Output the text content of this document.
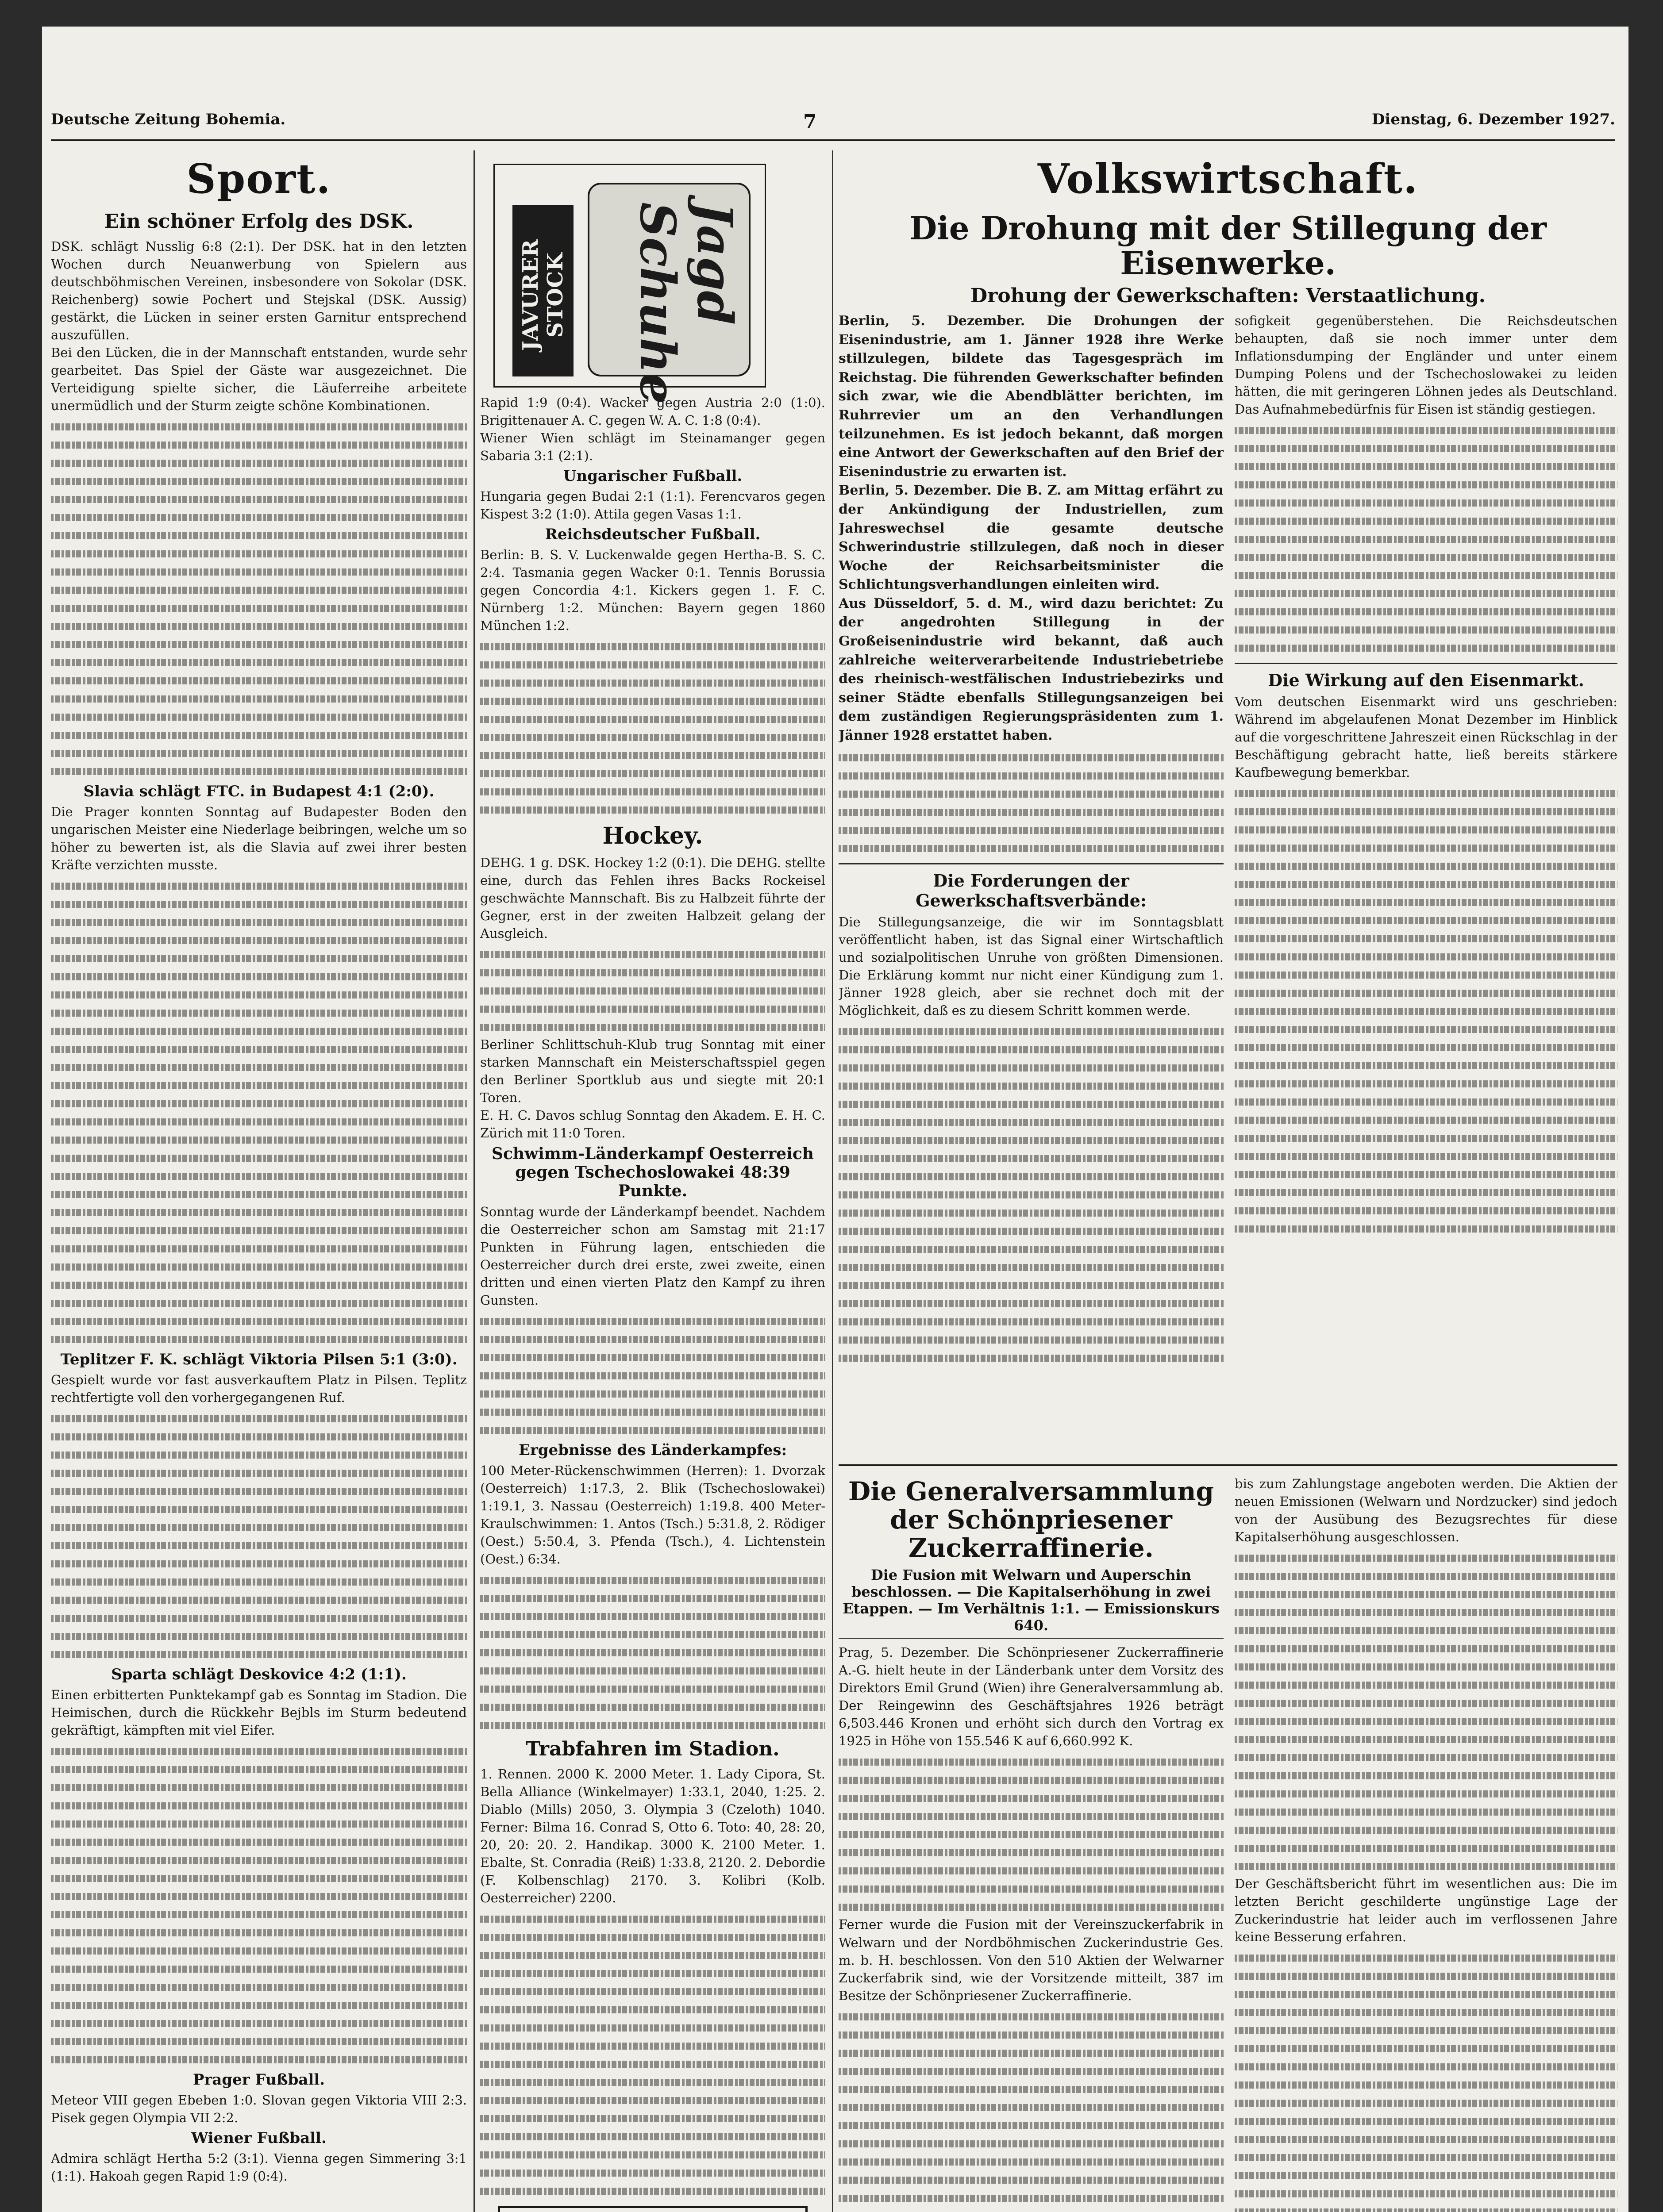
Deutsche Zeitung Bohemia.	7	Dienstag, 6. Dezember 1927.
Sport.
Ein schöner Erfolg des DSK.
DSK. schlägt Nusslig 6:8 (2:1). Der DSK. hat in den letzten Wochen durch Neuanwerbung von Spielern aus deutschböhmischen Vereinen, insbesondere von Sokolar (DSK. Reichenberg) sowie Pochert und Stejskal (DSK. Aussig) gestärkt, die Lücken in seiner ersten Garnitur entsprechend auszufüllen.
Bei den Lücken, die in der Mannschaft entstanden, wurde sehr gearbeitet. Das Spiel der Gäste war ausgezeichnet. Die Verteidigung spielte sicher, die Läuferreihe arbeitete unermüdlich und der Sturm zeigte schöne Kombinationen.

Slavia schlägt FTC. in Budapest 4:1 (2:0).
Die Prager konnten Sonntag auf Budapester Boden den ungarischen Meister eine Niederlage beibringen, welche um so höher zu bewerten ist, als die Slavia auf zwei ihrer besten Kräfte verzichten musste.

Teplitzer F. K. schlägt Viktoria Pilsen 5:1 (3:0).
Gespielt wurde vor fast ausverkauftem Platz in Pilsen. Teplitz rechtfertigte voll den vorhergegangenen Ruf.

Sparta schlägt Deskovice 4:2 (1:1).
Einen erbitterten Punktekampf gab es Sonntag im Stadion. Die Heimischen, durch die Rückkehr Bejbls im Sturm bedeutend gekräftigt, kämpften mit viel Eifer.

Prager Fußball.
Meteor VIII gegen Ebeben 1:0. Slovan gegen Viktoria VIII 2:3. Pisek gegen Olympia VII 2:2.
Wiener Fußball.
Admira schlägt Hertha 5:2 (3:1). Vienna gegen Simmering 3:1 (1:1). Hakoah gegen Rapid 1:9 (0:4).
JAVURER STOCK	Jagd Schuhe
Rapid 1:9 (0:4). Wacker gegen Austria 2:0 (1:0). Brigittenauer A. C. gegen W. A. C. 1:8 (0:4).
Wiener Wien schlägt im Steinamanger gegen Sabaria 3:1 (2:1).
Ungarischer Fußball.
Hungaria gegen Budai 2:1 (1:1). Ferencvaros gegen Kispest 3:2 (1:0). Attila gegen Vasas 1:1.
Reichsdeutscher Fußball.
Berlin: B. S. V. Luckenwalde gegen Hertha-B. S. C. 2:4. Tasmania gegen Wacker 0:1. Tennis Borussia gegen Concordia 4:1. Kickers gegen 1. F. C. Nürnberg 1:2. München: Bayern gegen 1860 München 1:2.

Hockey.
DEHG. 1 g. DSK. Hockey 1:2 (0:1). Die DEHG. stellte eine, durch das Fehlen ihres Backs Rockeisel geschwächte Mannschaft. Bis zu Halbzeit führte der Gegner, erst in der zweiten Halbzeit gelang der Ausgleich.

Berliner Schlittschuh-Klub trug Sonntag mit einer starken Mannschaft ein Meisterschaftsspiel gegen den Berliner Sportklub aus und siegte mit 20:1 Toren.
E. H. C. Davos schlug Sonntag den Akadem. E. H. C. Zürich mit 11:0 Toren.
Schwimm-Länderkampf Oesterreich gegen Tschechoslowakei 48:39 Punkte.
Sonntag wurde der Länderkampf beendet. Nachdem die Oesterreicher schon am Samstag mit 21:17 Punkten in Führung lagen, entschieden die Oesterreicher durch drei erste, zwei zweite, einen dritten und einen vierten Platz den Kampf zu ihren Gunsten.

Ergebnisse des Länderkampfes:
100 Meter-Rückenschwimmen (Herren): 1. Dvorzak (Oesterreich) 1:17.3, 2. Blik (Tschechoslowakei) 1:19.1, 3. Nassau (Oesterreich) 1:19.8. 400 Meter-Kraulschwimmen: 1. Antos (Tsch.) 5:31.8, 2. Rödiger (Oest.) 5:50.4, 3. Pfenda (Tsch.), 4. Lichtenstein (Oest.) 6:34.

Trabfahren im Stadion.
1. Rennen. 2000 K. 2000 Meter. 1. Lady Cipora, St. Bella Alliance (Winkelmayer) 1:33.1, 2040, 1:25. 2. Diablo (Mills) 2050, 3. Olympia 3 (Czeloth) 1040. Ferner: Bilma 16. Conrad S, Otto 6. Toto: 40, 28: 20, 20, 20: 20. 2. Handikap. 3000 K. 2100 Meter. 1. Ebalte, St. Conradia (Reiß) 1:33.8, 2120. 2. Debordie (F. Kolbenschlag) 2170. 3. Kolibri (Kolb. Oesterreicher) 2200.

Volkswirtschaft.
Die Drohung mit der Stillegung der Eisenwerke.
Drohung der Gewerkschaften: Verstaatlichung.
Berlin, 5. Dezember. Die Drohungen der Eisenindustrie, am 1. Jänner 1928 ihre Werke stillzulegen, bildete das Tagesgespräch im Reichstag. Die führenden Gewerkschafter befinden sich zwar, wie die Abendblätter berichten, im Ruhrrevier um an den Verhandlungen teilzunehmen. Es ist jedoch bekannt, daß morgen eine Antwort der Gewerkschaften auf den Brief der Eisenindustrie zu erwarten ist.
Berlin, 5. Dezember. Die B. Z. am Mittag erfährt zu der Ankündigung der Industriellen, zum Jahreswechsel die gesamte deutsche Schwerindustrie stillzulegen, daß noch in dieser Woche der Reichsarbeitsminister die Schlichtungsverhandlungen einleiten wird.
Aus Düsseldorf, 5. d. M., wird dazu berichtet: Zu der angedrohten Stillegung in der Großeisenindustrie wird bekannt, daß auch zahlreiche weiterverarbeitende Industriebetriebe des rheinisch-westfälischen Industriebezirks und seiner Städte ebenfalls Stillegungsanzeigen bei dem zuständigen Regierungspräsidenten zum 1. Jänner 1928 erstattet haben.

Die Forderungen der Gewerkschaftsverbände:
Die Stillegungsanzeige, die wir im Sonntagsblatt veröffentlicht haben, ist das Signal einer Wirtschaftlich und sozialpolitischen Unruhe von größten Dimensionen. Die Erklärung kommt nur nicht einer Kündigung zum 1. Jänner 1928 gleich, aber sie rechnet doch mit der Möglichkeit, daß es zu diesem Schritt kommen werde.

sofigkeit gegenüberstehen. Die Reichsdeutschen behaupten, daß sie noch immer unter dem Inflationsdumping der Engländer und unter einem Dumping Polens und der Tschechoslowakei zu leiden hätten, die mit geringeren Löhnen jedes als Deutschland. Das Aufnahmebedürfnis für Eisen ist ständig gestiegen.

Die Wirkung auf den Eisenmarkt.
Vom deutschen Eisenmarkt wird uns geschrieben: Während im abgelaufenen Monat Dezember im Hinblick auf die vorgeschrittene Jahreszeit einen Rückschlag in der Beschäftigung gebracht hatte, ließ bereits stärkere Kaufbewegung bemerkbar.

Die Generalversammlung der Schönpriesener Zuckerraffinerie.
Die Fusion mit Welwarn und Auperschin beschlossen. — Die Kapitalserhöhung in zwei Etappen. — Im Verhältnis 1:1. — Emissionskurs 640.
Prag, 5. Dezember. Die Schönpriesener Zuckerraffinerie A.-G. hielt heute in der Länderbank unter dem Vorsitz des Direktors Emil Grund (Wien) ihre Generalversammlung ab. Der Reingewinn des Geschäftsjahres 1926 beträgt 6,503.446 Kronen und erhöht sich durch den Vortrag ex 1925 in Höhe von 155.546 K auf 6,660.992 K.

Ferner wurde die Fusion mit der Vereinszuckerfabrik in Welwarn und der Nordböhmischen Zuckerindustrie Ges. m. b. H. beschlossen. Von den 510 Aktien der Welwarner Zuckerfabrik sind, wie der Vorsitzende mitteilt, 387 im Besitze der Schönpriesener Zuckerraffinerie.

bis zum Zahlungstage angeboten werden. Die Aktien der neuen Emissionen (Welwarn und Nordzucker) sind jedoch von der Ausübung des Bezugsrechtes für diese Kapitalserhöhung ausgeschlossen.

Der Geschäftsbericht führt im wesentlichen aus: Die im letzten Bericht geschilderte ungünstige Lage der Zuckerindustrie hat leider auch im verflossenen Jahre keine Besserung erfahren.
